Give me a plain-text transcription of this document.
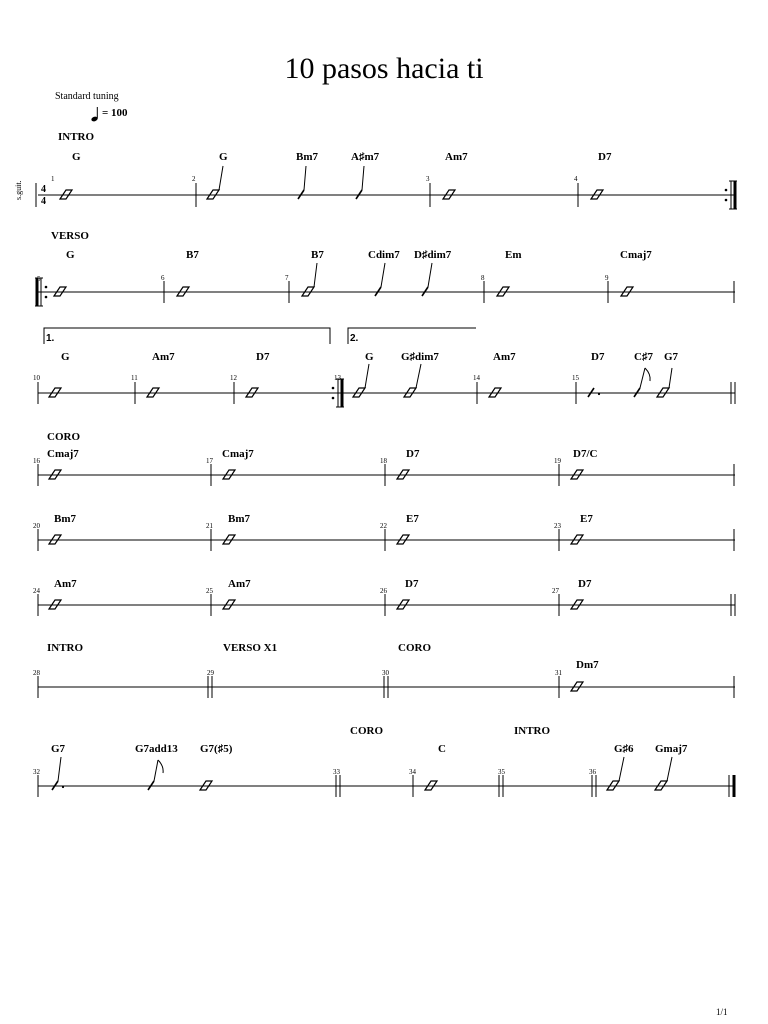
10 pasos hacia ti
Standard tuning
= 100
s.guit.
INTRO
G	G	Bm7	A♯m7	Am7	D7
4
4
1	2	3	4
VERSO
G	B7	B7	Cdim7 D♯dim7	Em	Cmaj7
5	6	7	8	9
1.	2.
G	Am7	D7	G G♯dim7	Am7	D7	C♯7 G7
10	11	12	13	14	15
CORO
Cmaj7	Cmaj7	D7	D7/C
16	17	18	19
Bm7	Bm7	E7	E7
20	21	22	23
Am7	Am7	D7	D7
24	25	26	27
INTRO	VERSO X1	CORO
Dm7
28	29	30	31
CORO	INTRO
G7	G7add13 G7(♯5)	C	G♯6 Gmaj7
32	33	34	35	36
1/1
